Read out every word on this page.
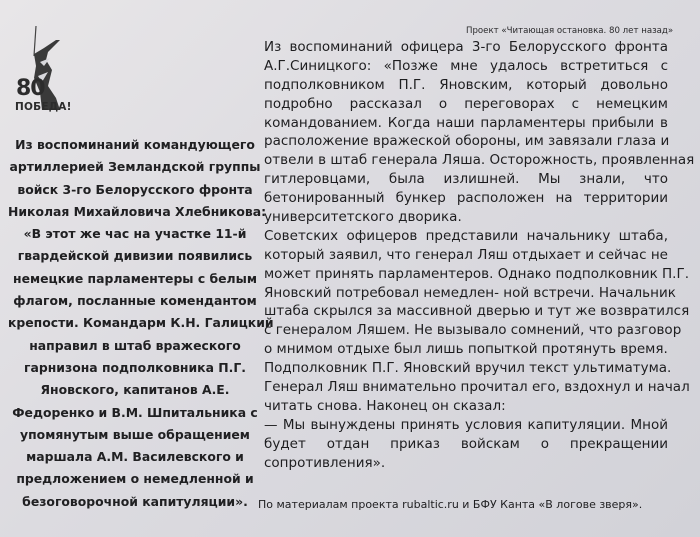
Проект «Читающая остановка. 80 лет назад»
80
ПОБЕДА!
Из воспоминаний командующего
артиллерией Земландской группы
войск 3-го Белорусского фронта
Николая Михайловича Хлебникова:
«В этот же час на участке 11-й
гвардейской дивизии появились
немецкие парламентеры с белым
флагом, посланные комендантом
крепости. Командарм К.Н. Галицкий
направил в штаб вражеского
гарнизона подполковника П.Г.
Яновского, капитанов А.Е.
Федоренко и В.М. Шпитальника с
упомянутым выше обращением
маршала А.М. Василевского и
предложением о немедленной и
безоговорочной капитуляции».
Из воспоминаний офицера 3-го Белорусского фронта
А.Г.Синицкого: «Позже мне удалось встретиться с
подполковником П.Г. Яновским, который довольно
подробно рассказал о переговорах с немецким
командованием. Когда наши парламентеры прибыли в
расположение вражеской обороны, им завязали глаза и
отвели в штаб генерала Ляша. Осторожность, проявленная
гитлеровцами, была излишней. Мы знали, что
бетонированный бункер расположен на территории
университетского дворика.
Советских офицеров представили начальнику штаба,
который заявил, что генерал Ляш отдыхает и сейчас не
может принять парламентеров. Однако подполковник П.Г.
Яновский потребовал немедлен- ной встречи. Начальник
штаба скрылся за массивной дверью и тут же возвратился
с генералом Ляшем. Не вызывало сомнений, что разговор
о мнимом отдыхе был лишь попыткой протянуть время.
Подполковник П.Г. Яновский вручил текст ультиматума.
Генерал Ляш внимательно прочитал его, вздохнул и начал
читать снова. Наконец он сказал:
— Мы вынуждены принять условия капитуляции. Мной
будет отдан приказ войскам о прекращении
сопротивления».
По материалам проекта rubaltic.ru и БФУ Канта «В логове зверя».
